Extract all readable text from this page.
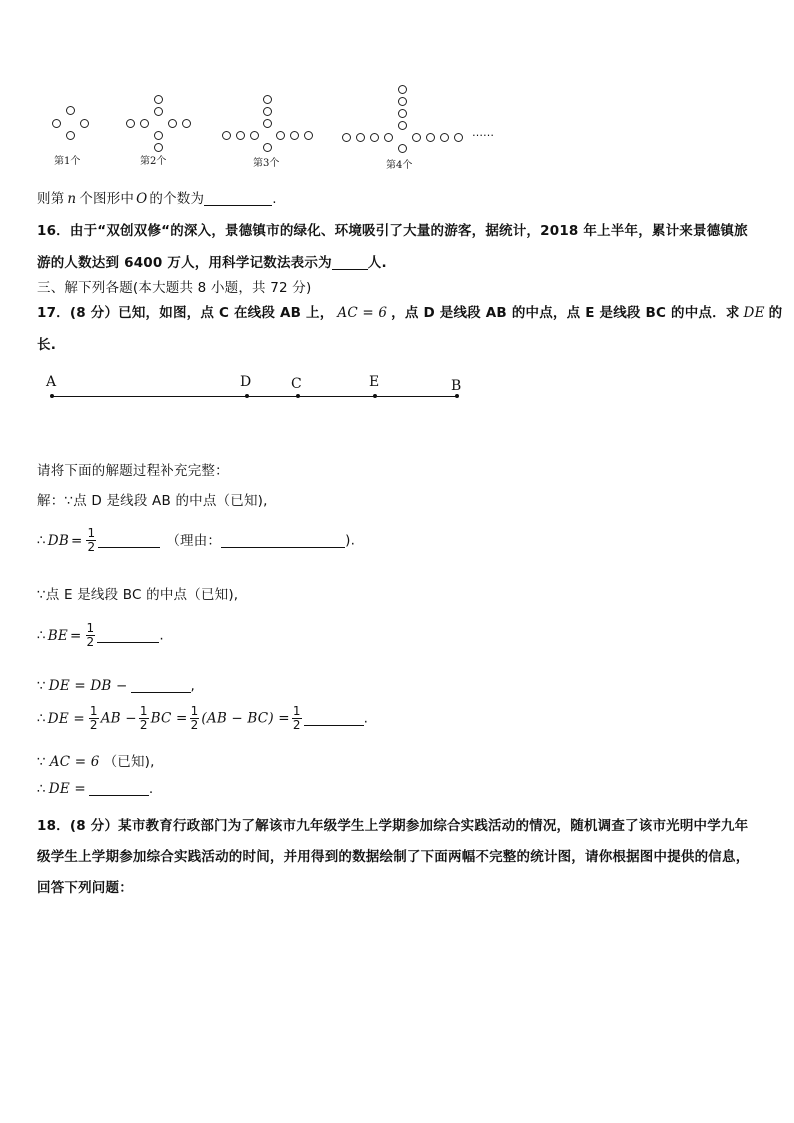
第1个	第2个	第3个	第4个
……
则第 n 个图形中 O 的个数为	.
16．由于“双创双修“的深入，景德镇市的绿化、环境吸引了大量的游客，据统计，2018 年上半年，累计来景德镇旅
游的人数达到 6400 万人，用科学记数法表示为	人.
三、解下列各题(本大题共 8 小题，共 72 分)
17．(8 分）已知，如图，点 C 在线段 AB 上， AC = 6 ，点 D 是线段 AB 的中点，点 E 是线段 BC 的中点．求 DE 的
长.
A	D	C	E	B
请将下面的解题过程补充完整：
解：∵点 D 是线段 AB 的中点（已知),
∴ DB = $\frac{1}{2}$	（理由：	).
∵点 E 是线段 BC 的中点（已知),
∴ BE = $\frac{1}{2}$	.
∵ DE = DB −	,
∴ DE = $\frac{1}{2}$ AB − $\frac{1}{2}$ BC = $\frac{1}{2} (AB - BC) = \frac{1}{2}$	.
∵ AC = 6 （已知),
∴ DE =	.
18．(8 分）某市教育行政部门为了解该市九年级学生上学期参加综合实践活动的情况，随机调查了该市光明中学九年
级学生上学期参加综合实践活动的时间，并用得到的数据绘制了下面两幅不完整的统计图，请你根据图中提供的信息，
回答下列问题：
